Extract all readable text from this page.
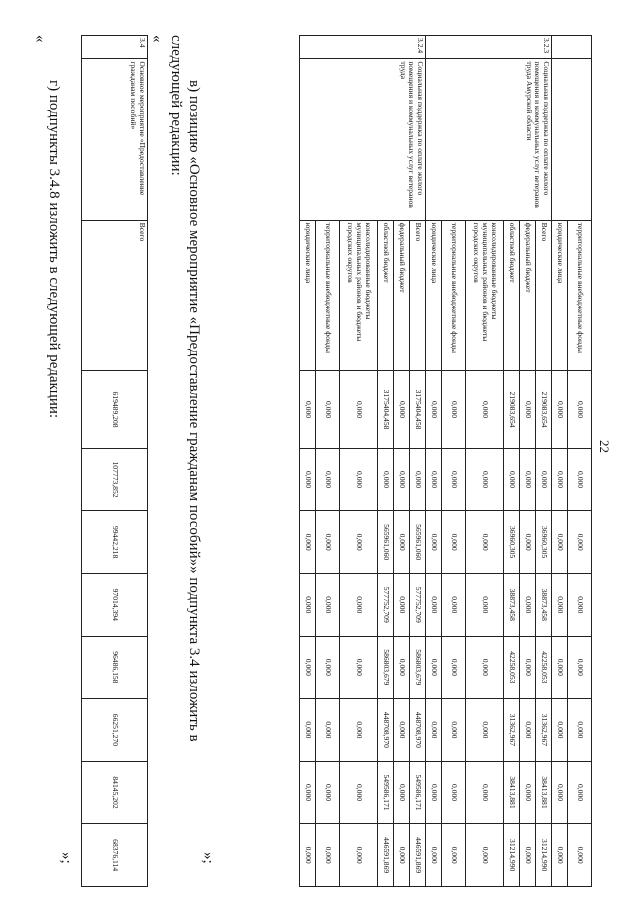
22
		территориальные внебюджетные фонды	0,000	0,000	0,000	0,000	0,000	0,000	0,000	0,000
		юридические лица	0,000	0,000	0,000	0,000	0,000	0,000	0,000	0,000
3.2.3	Социальная поддержка по оплате жилого помещения и коммунальных услуг ветеранов труда Амурской области	Всего	219083,654	0,000	36960,305	38873,458	42258,053	31362,967	38413,881	31214,990
		федеральный бюджет	0,000	0,000	0,000	0,000	0,000	0,000	0,000	0,000
		областной бюджет	219083,654	0,000	36960,305	38873,458	42258,053	31362,967	38413,881	31214,990
		консолидированные бюджеты муниципальных районов и бюджеты городских округов	0,000	0,000	0,000	0,000	0,000	0,000	0,000	0,000
		территориальные внебюджетные фонды	0,000	0,000	0,000	0,000	0,000	0,000	0,000	0,000
		юридические лица	0,000	0,000	0,000	0,000	0,000	0,000	0,000	0,000
3.2.4	Социальная поддержка по оплате жилого помещения и коммунальных услуг ветеранов труда	Всего	3175404,458	0,000	565961,060	577752,709	586803,679	448708,970	549586,171	446591,869
		федеральный бюджет	0,000	0,000	0,000	0,000	0,000	0,000	0,000	0,000
		областной бюджет	3175404,458	0,000	565961,060	577752,709	586803,679	448708,970	549586,171	446591,869
		консолидированные бюджеты муниципальных районов и бюджеты городских округов	0,000	0,000	0,000	0,000	0,000	0,000	0,000	0,000
		территориальные внебюджетные фонды	0,000	0,000	0,000	0,000	0,000	0,000	0,000	0,000
		юридические лица	0,000	0,000	0,000	0,000	0,000	0,000	0,000	0,000
»;
в) позицию «Основное мероприятие «Предоставление гражданам пособий»» подпункта 3.4 изложить в
следующей редакции:
«
3.4	Основное мероприятие «Предоставление гражданам пособий»	Всего	619489,208	107773,852	99442,218	97014,394	96486,158	66251,270	84145,202	68376,114
»;
г) подпункты 3.4.8 изложить в следующей редакции:
«
